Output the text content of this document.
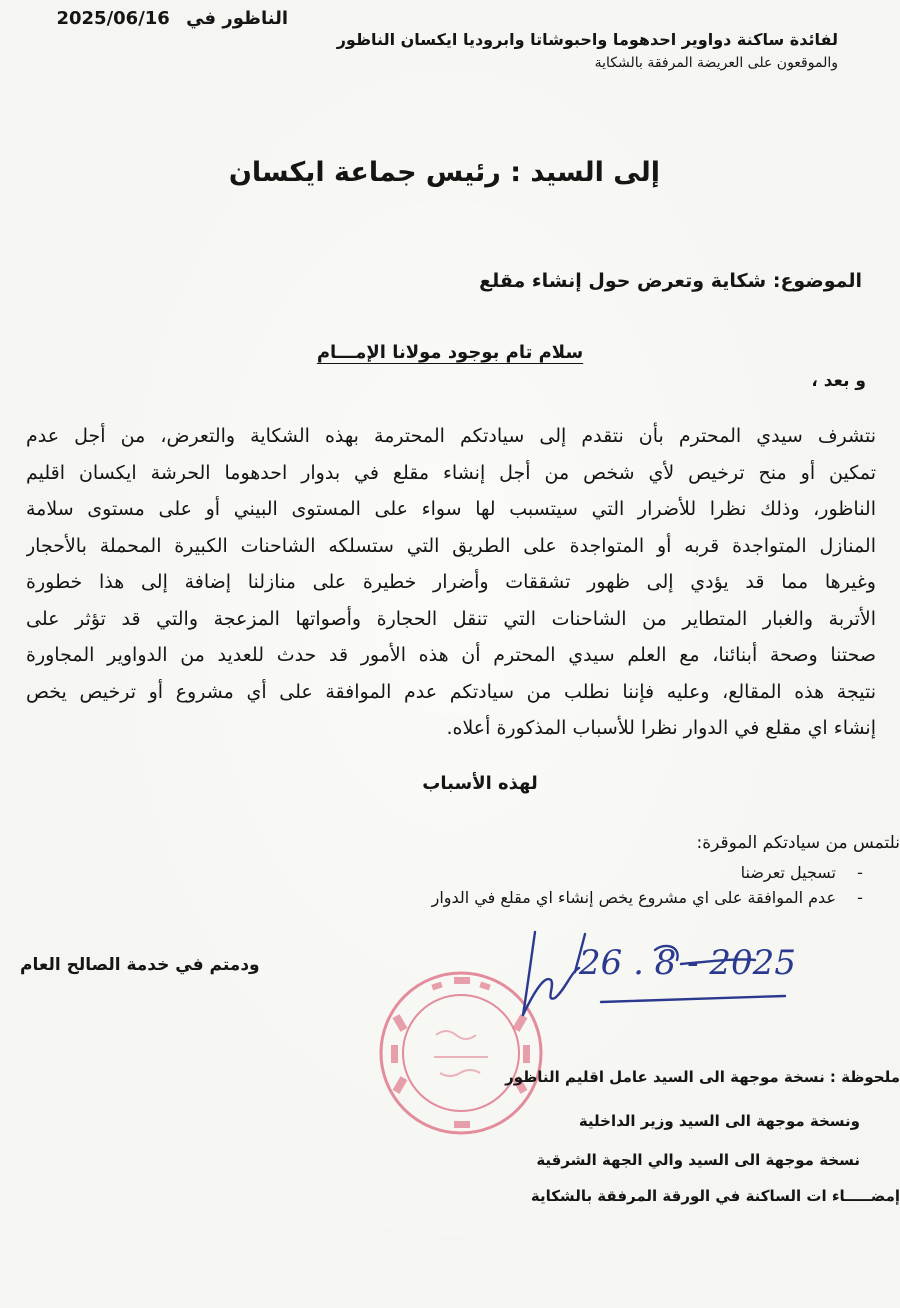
الناظور في 2025/06/16
لفائدة ساكنة دواوير احدهوما واحبوشاتا وابروديا ايكسان الناظور
والموقعون على العريضة المرفقة بالشكاية
إلى السيد : رئيس جماعة ايكسان
الموضوع: شكاية وتعرض حول إنشاء مقلع
سلام تام بوجود مولانا الإمـــام
و بعد ،
نتشرف سيدي المحترم بأن نتقدم إلى سيادتكم المحترمة بهذه الشكاية والتعرض، من أجل عدم
تمكين أو منح ترخيص لأي شخص من أجل إنشاء مقلع في بدوار احدهوما الحرشة ايكسان اقليم
الناظور، وذلك نظرا للأضرار التي سيتسبب لها سواء على المستوى البيني أو على مستوى سلامة
المنازل المتواجدة قربه أو المتواجدة على الطريق التي ستسلكه الشاحنات الكبيرة المحملة بالأحجار
وغيرها مما قد يؤدي إلى ظهور تشققات وأضرار خطيرة على منازلنا إضافة إلى هذا خطورة
الأتربة والغبار المتطاير من الشاحنات التي تنقل الحجارة وأصواتها المزعجة والتي قد تؤثر على
صحتنا وصحة أبنائنا، مع العلم سيدي المحترم أن هذه الأمور قد حدث للعديد من الدواوير المجاورة
نتيجة هذه المقالع، وعليه فإننا نطلب من سيادتكم عدم الموافقة على أي مشروع أو ترخيص يخص
إنشاء اي مقلع في الدوار نظرا للأسباب المذكورة أعلاه.
لهذه الأسباب
نلتمس من سيادتكم الموقرة:
-
تسجيل تعرضنا
-
عدم الموافقة على اي مشروع يخص إنشاء اي مقلع في الدوار
ودمتم في خدمة الصالح العام	26 . 8 - 2025
ملحوظة : نسخة موجهة الى السيد عامل اقليم الناظور
ونسخة موجهة الى السيد وزير الداخلية
نسخة موجهة الى السيد والي الجهة الشرقية
إمضـــــاء ات الساكنة في الورقة المرفقة بالشكاية
